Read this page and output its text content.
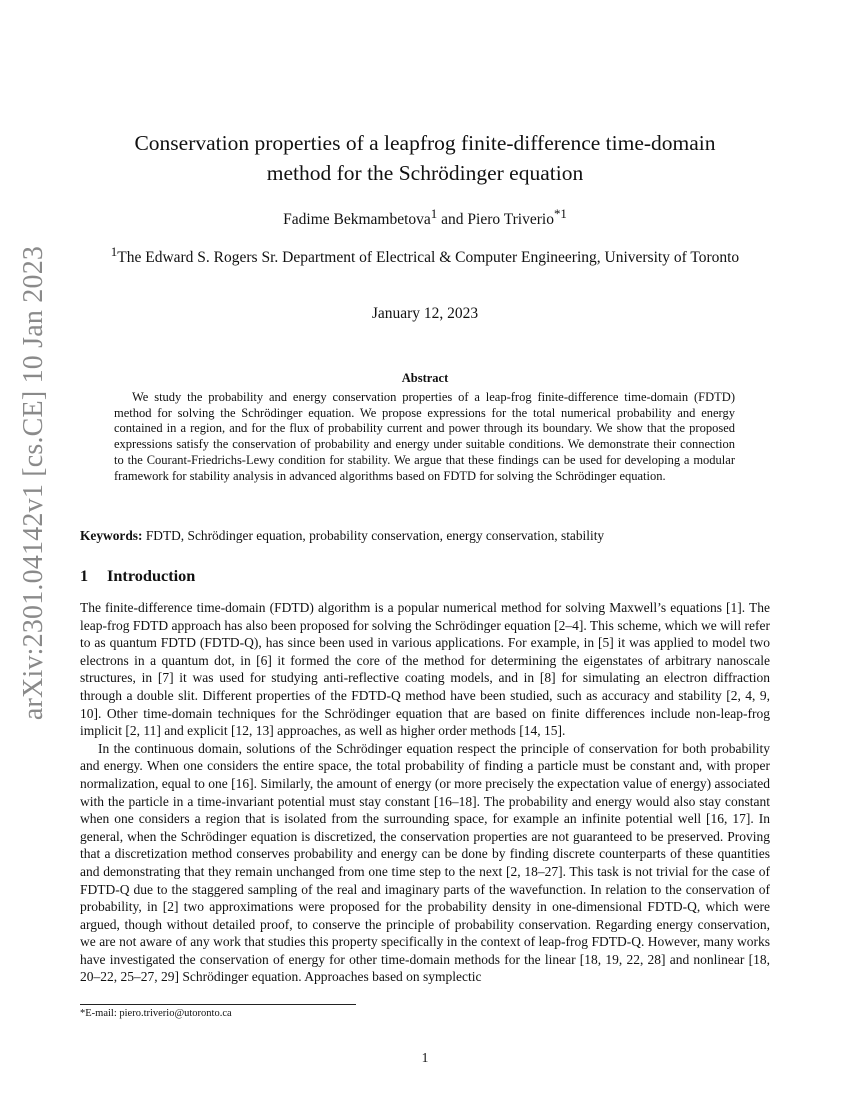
arXiv:2301.04142v1 [cs.CE] 10 Jan 2023
Conservation properties of a leapfrog finite-difference time-domain
method for the Schrödinger equation
Fadime Bekmambetova$^1$ and Piero Triverio$^{*1}$
$^1$The Edward S. Rogers Sr. Department of Electrical & Computer Engineering, University of Toronto
January 12, 2023
Abstract

We study the probability and energy conservation properties of a leap-frog finite-difference time-domain (FDTD) method for solving the Schrödinger equation. We propose expressions for the total numerical probability and energy contained in a region, and for the flux of probability current and power through its boundary. We show that the proposed expressions satisfy the conservation of probability and energy under suitable conditions. We demonstrate their connection to the Courant-Friedrichs-Lewy condition for stability. We argue that these findings can be used for developing a modular framework for stability analysis in advanced algorithms based on FDTD for solving the Schrödinger equation.

Keywords: FDTD, Schrödinger equation, probability conservation, energy conservation, stability
1 Introduction

The finite-difference time-domain (FDTD) algorithm is a popular numerical method for solving Maxwell’s equations [1]. The leap-frog FDTD approach has also been proposed for solving the Schrödinger equation [2–4]. This scheme, which we will refer to as quantum FDTD (FDTD-Q), has since been used in various applications. For example, in [5] it was applied to model two electrons in a quantum dot, in [6] it formed the core of the method for determining the eigenstates of arbitrary nanoscale structures, in [7] it was used for studying anti-reflective coating models, and in [8] for simulating an electron diffraction through a double slit. Different properties of the FDTD-Q method have been studied, such as accuracy and stability [2, 4, 9, 10]. Other time-domain techniques for the Schrödinger equation that are based on finite differences include non-leap-frog implicit [2, 11] and explicit [12, 13] approaches, as well as higher order methods [14, 15].

In the continuous domain, solutions of the Schrödinger equation respect the principle of conservation for both probability and energy. When one considers the entire space, the total probability of finding a particle must be constant and, with proper normalization, equal to one [16]. Similarly, the amount of energy (or more precisely the expectation value of energy) associated with the particle in a time-invariant potential must stay constant [16–18]. The probability and energy would also stay constant when one considers a region that is isolated from the surrounding space, for example an infinite potential well [16, 17]. In general, when the Schrödinger equation is discretized, the conservation properties are not guaranteed to be preserved. Proving that a discretization method conserves probability and energy can be done by finding discrete counterparts of these quantities and demonstrating that they remain unchanged from one time step to the next [2, 18–27]. This task is not trivial for the case of FDTD-Q due to the staggered sampling of the real and imaginary parts of the wavefunction. In relation to the conservation of probability, in [2] two approximations were proposed for the probability density in one-dimensional FDTD-Q, which were argued, though without detailed proof, to conserve the principle of probability conservation. Regarding energy conservation, we are not aware of any work that studies this property specifically in the context of leap-frog FDTD-Q. However, many works have investigated the conservation of energy for other time-domain methods for the linear [18, 19, 22, 28] and nonlinear [18, 20–22, 25–27, 29] Schrödinger equation. Approaches based on symplectic

*E-mail: piero.triverio@utoronto.ca
1
